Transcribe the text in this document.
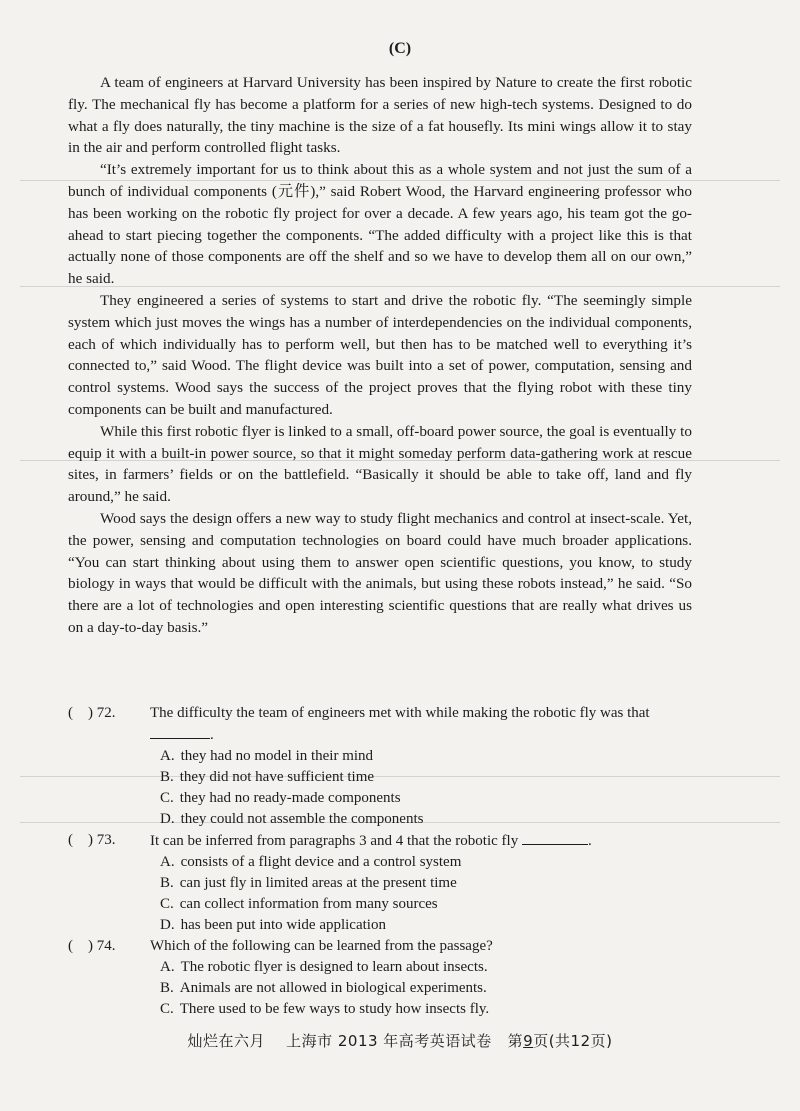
(C)

A team of engineers at Harvard University has been inspired by Nature to create the first robotic fly. The mechanical fly has become a platform for a series of new high-tech systems. Designed to do what a fly does naturally, the tiny machine is the size of a fat housefly. Its mini wings allow it to stay in the air and perform controlled flight tasks.

“It’s extremely important for us to think about this as a whole system and not just the sum of a bunch of individual components (元件),” said Robert Wood, the Harvard engineering professor who has been working on the robotic fly project for over a decade. A few years ago, his team got the go-ahead to start piecing together the components. “The added difficulty with a project like this is that actually none of those components are off the shelf and so we have to develop them all on our own,” he said.

They engineered a series of systems to start and drive the robotic fly. “The seemingly simple system which just moves the wings has a number of interdependencies on the individual components, each of which individually has to perform well, but then has to be matched well to everything it’s connected to,” said Wood. The flight device was built into a set of power, computation, sensing and control systems. Wood says the success of the project proves that the flying robot with these tiny components can be built and manufactured.

While this first robotic flyer is linked to a small, off-board power source, the goal is eventually to equip it with a built-in power source, so that it might someday perform data-gathering work at rescue sites, in farmers’ fields or on the battlefield. “Basically it should be able to take off, land and fly around,” he said.

Wood says the design offers a new way to study flight mechanics and control at insect-scale. Yet, the power, sensing and computation technologies on board could have much broader applications. “You can start thinking about using them to answer open scientific questions, you know, to study biology in ways that would be difficult with the animals, but using these robots instead,” he said. “So there are a lot of technologies and open interesting scientific questions that are really what drives us on a day-to-day basis.”

(    ) 72.	The difficulty the team of engineers met with while making the robotic fly was that .
A. they had no model in their mind
B. they did not have sufficient time
C. they had no ready-made components
D. they could not assemble the components
(    ) 73.	It can be inferred from paragraphs 3 and 4 that the robotic fly	.
A. consists of a flight device and a control system
B. can just fly in limited areas at the present time
C. can collect information from many sources
D. has been put into wide application
(    ) 74.	Which of the following can be learned from the passage?
A. The robotic flyer is designed to learn about insects.
B. Animals are not allowed in biological experiments.
C. There used to be few ways to study how insects fly.
灿烂在六月 上海市 2013 年高考英语试卷 第9页(共12页)
